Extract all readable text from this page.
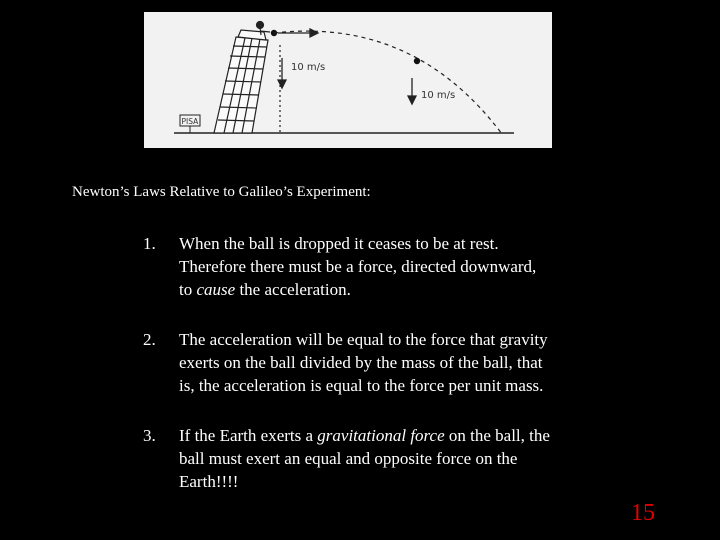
PISA
10 m/s
10 m/s
Newton’s Laws Relative to Galileo’s Experiment:
1. When the ball is dropped it ceases to be at rest.
Therefore there must be a force, directed downward,
to cause the acceleration.
2. The acceleration will be equal to the force that gravity
exerts on the ball divided by the mass of the ball, that
is, the acceleration is equal to the force per unit mass.
3. If the Earth exerts a gravitational force on the ball, the
ball must exert an equal and opposite force on the
Earth!!!!
15
